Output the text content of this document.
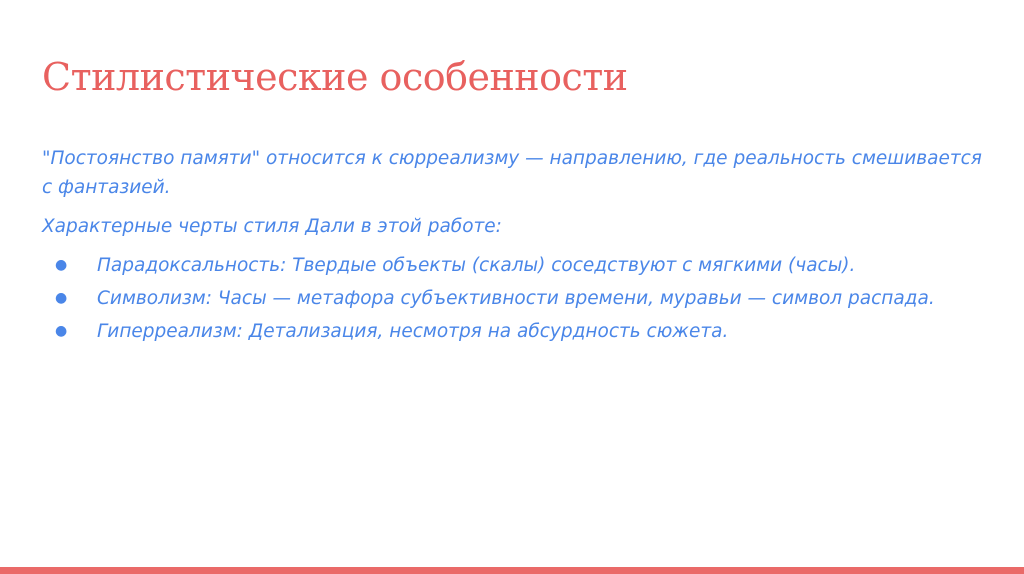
Стилистические особенности

"Постоянство памяти" относится к сюрреализму — направлению, где реальность смешивается с фантазией.

Характерные черты стиля Дали в этой работе:

● Парадоксальность: Твердые объекты (скалы) соседствуют с мягкими (часы).
● Символизм: Часы — метафора субъективности времени, муравьи — символ распада.
● Гиперреализм: Детализация, несмотря на абсурдность сюжета.
